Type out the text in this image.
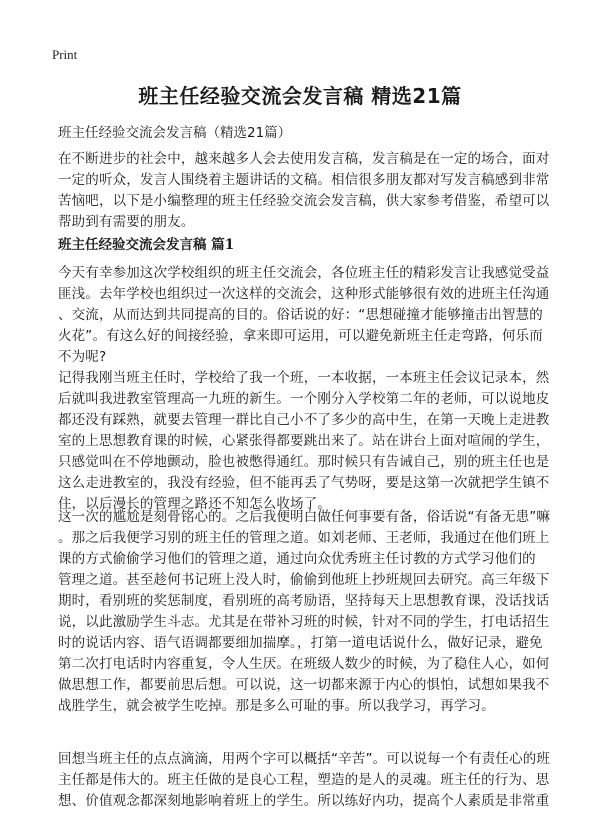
Print
班主任经验交流会发言稿 精选21篇

班主任经验交流会发言稿（精选21篇）

在不断进步的社会中，越来越多人会去使用发言稿，发言稿是在一定的场合，面对
一定的听众，发言人围绕着主题讲话的文稿。相信很多朋友都对写发言稿感到非常
苦恼吧，以下是小编整理的班主任经验交流会发言稿，供大家参考借鉴，希望可以
帮助到有需要的朋友。

班主任经验交流会发言稿 篇1

今天有幸参加这次学校组织的班主任交流会，各位班主任的精彩发言让我感觉受益
匪浅。去年学校也组织过一次这样的交流会，这种形式能够很有效的进班主任沟通
、交流，从而达到共同提高的目的。俗话说的好：“思想碰撞才能够撞击出智慧的
火花”。有这么好的间接经验，拿来即可运用，可以避免新班主任走弯路，何乐而
不为呢?

记得我刚当班主任时，学校给了我一个班，一本收据，一本班主任会议记录本，然
后就叫我进教室管理高一九班的新生。一个刚分入学校第二年的老师，可以说地皮
都还没有踩熟，就要去管理一群比自己小不了多少的高中生，在第一天晚上走进教
室的上思想教育课的时候，心紧张得都要跳出来了。站在讲台上面对喧闹的学生，
只感觉叫在不停地颤动，脸也被憋得通红。那时候只有告诫自己，别的班主任也是
这么走进教室的，我没有经验，但不能再丢了气势呀，要是这第一次就把学生镇不
住，以后漫长的管理之路还不知怎么收场了。

这一次的尴尬是刻骨铭心的。之后我便明白做任何事要有备，俗话说“有备无患”嘛
。那之后我便学习别的班主任的管理之道。如刘老师、王老师，我通过在他们班上
课的方式偷偷学习他们的管理之道，通过向众优秀班主任讨教的方式学习他们的
管理之道。甚至趁何书记班上没人时，偷偷到他班上抄班规回去研究。高三年级下
期时，看别班的奖惩制度，看别班的高考励语，坚持每天上思想教育课，没话找话
说，以此激励学生斗志。尤其是在带补习班的时候，针对不同的学生，打电话招生
时的说话内容、语气语调都要细加揣摩。，打第一道电话说什么，做好记录，避免
第二次打电话时内容重复，令人生厌。在班级人数少的时候，为了稳住人心，如何
做思想工作，都要前思后想。可以说，这一切都来源于内心的惧怕，试想如果我不
战胜学生，就会被学生吃掉。那是多么可耻的事。所以我学习，再学习。

回想当班主任的点点滴滴，用两个字可以概括“辛苦”。可以说每一个有责任心的班
主任都是伟大的。班主任做的是良心工程，塑造的是人的灵魂。班主任的行为、思
想、价值观念都深刻地影响着班上的学生。所以练好内功，提高个人素质是非常重
